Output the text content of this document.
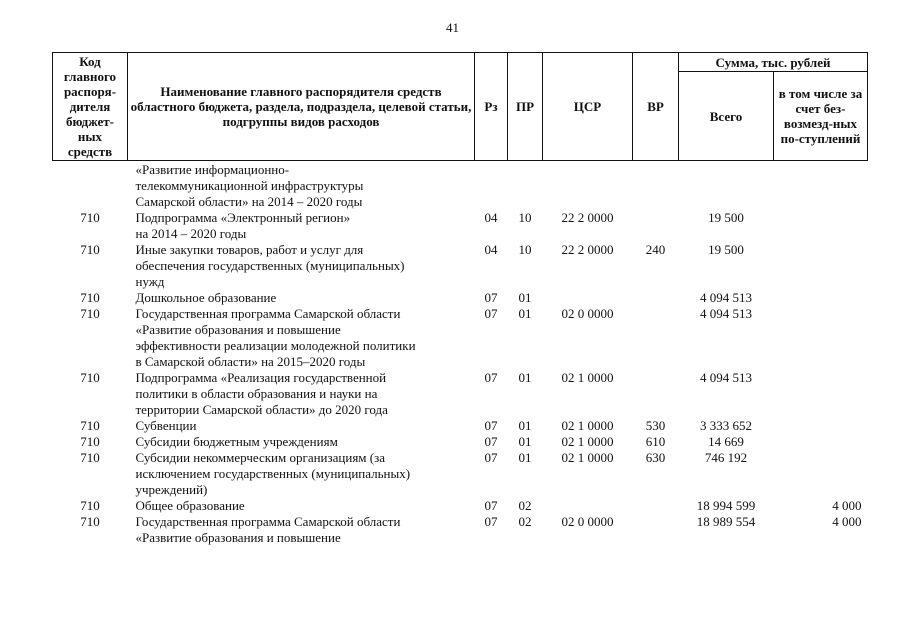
41
Код главного распоря-дителя бюджет-ных средств	Наименование главного распорядителя средств областного бюджета, раздела, подраздела, целевой статьи, подгруппы видов расходов	Рз	ПР	ЦСР	ВР	Сумма, тыс. рублей	
						Всего	в том числе за счет без-возмезд-ных по-ступлений

	«Развитие информационно-
телекоммуникационной инфраструктуры
Самарской области» на 2014 – 2020 годы						

710	Подпрограмма «Электронный регион»
на 2014 – 2020 годы	04	10	22 2 0000		19 500	
710	Иные закупки товаров, работ и услуг для
обеспечения государственных (муниципальных)
нужд	04	10	22 2 0000	240	19 500	
710	Дошкольное образование	07	01			4 094 513	
710	Государственная программа Самарской области
«Развитие образования и повышение
эффективности реализации молодежной политики
в Самарской области» на 2015–2020 годы	07	01	02 0 0000		4 094 513	
710	Подпрограмма «Реализация государственной
политики в области образования и науки на
территории Самарской области» до 2020 года	07	01	02 1 0000		4 094 513	
710	Субвенции	07	01	02 1 0000	530	3 333 652	
710	Субсидии бюджетным учреждениям	07	01	02 1 0000	610	14 669	
710	Субсидии некоммерческим организациям (за
исключением государственных (муниципальных)
учреждений)	07	01	02 1 0000	630	746 192	
710	Общее образование	07	02			18 994 599	4 000
710	Государственная программа Самарской области
«Развитие образования и повышение	07	02	02 0 0000		18 989 554	4 000
